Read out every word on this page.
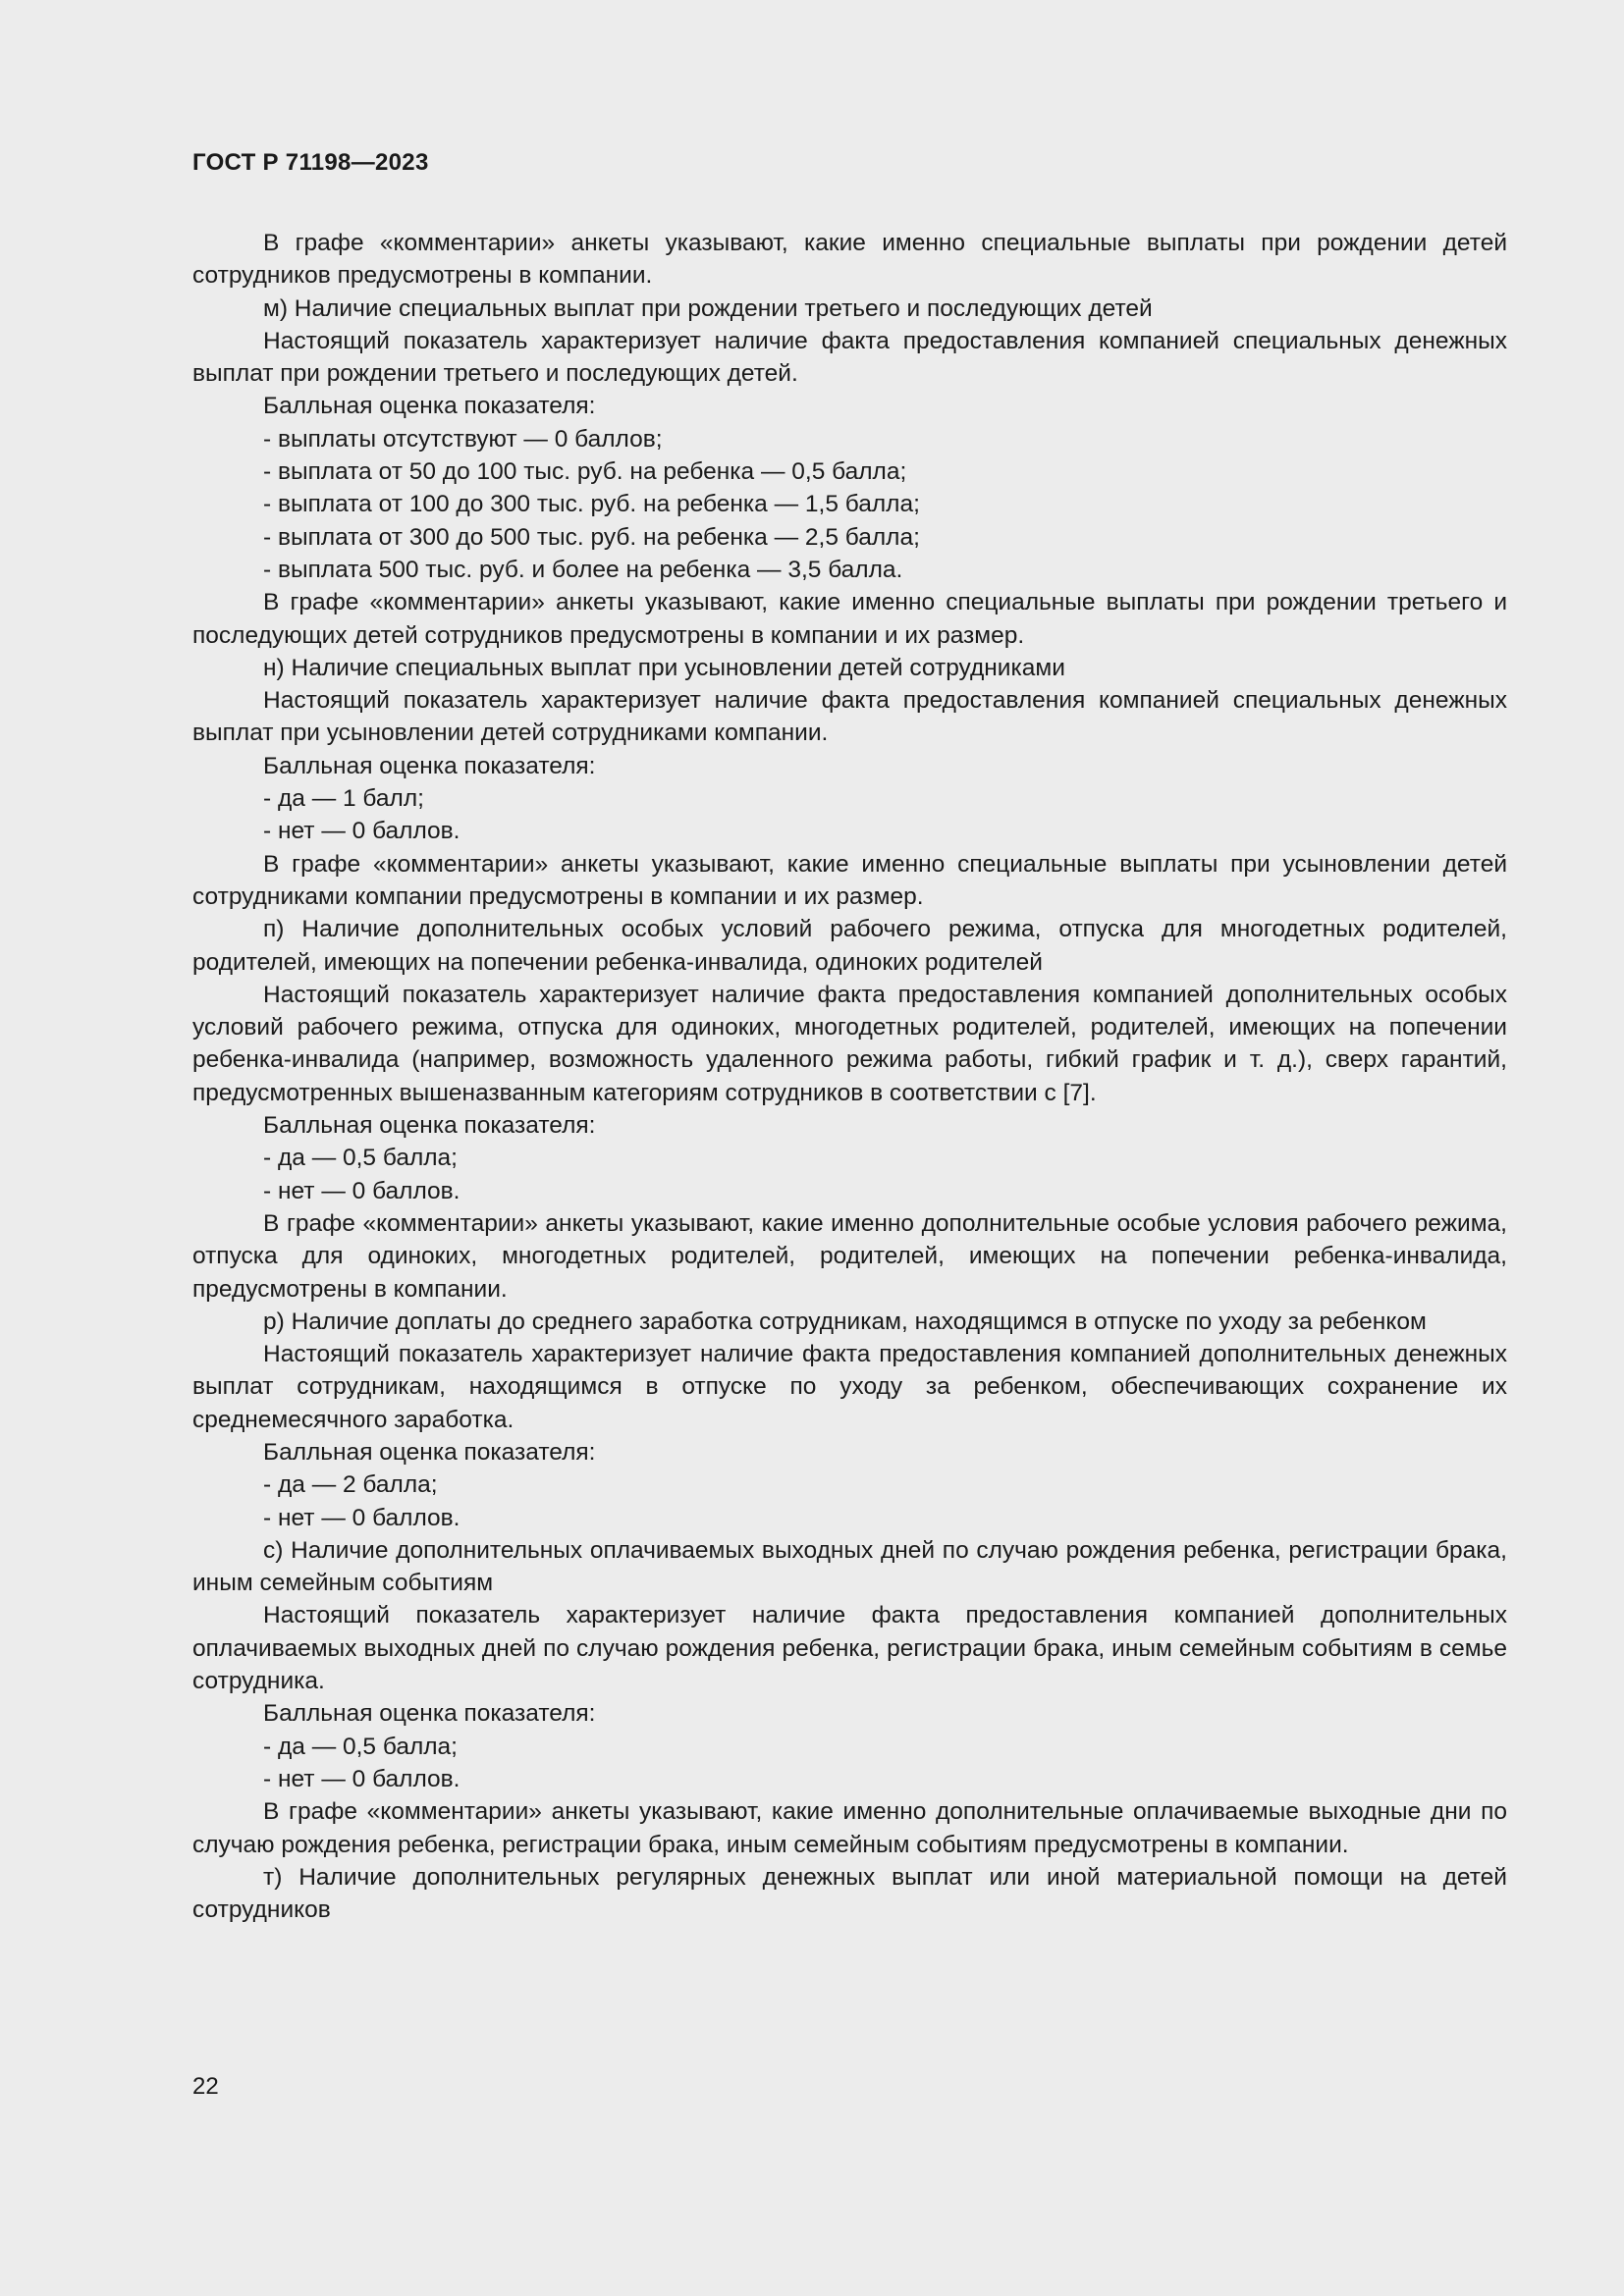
ГОСТ Р 71198—2023

В графе «комментарии» анкеты указывают, какие именно специальные выплаты при рождении детей сотрудников предусмотрены в компании.

м) Наличие специальных выплат при рождении третьего и последующих детей

Настоящий показатель характеризует наличие факта предоставления компанией специальных денежных выплат при рождении третьего и последующих детей.

Балльная оценка показателя:

- выплаты отсутствуют — 0 баллов;

- выплата от 50 до 100 тыс. руб. на ребенка — 0,5 балла;

- выплата от 100 до 300 тыс. руб. на ребенка — 1,5 балла;

- выплата от 300 до 500 тыс. руб. на ребенка — 2,5 балла;

- выплата 500 тыс. руб. и более на ребенка — 3,5 балла.

В графе «комментарии» анкеты указывают, какие именно специальные выплаты при рождении третьего и последующих детей сотрудников предусмотрены в компании и их размер.

н) Наличие специальных выплат при усыновлении детей сотрудниками

Настоящий показатель характеризует наличие факта предоставления компанией специальных денежных выплат при усыновлении детей сотрудниками компании.

Балльная оценка показателя:

- да — 1 балл;

- нет — 0 баллов.

В графе «комментарии» анкеты указывают, какие именно специальные выплаты при усыновлении детей сотрудниками компании предусмотрены в компании и их размер.

п) Наличие дополнительных особых условий рабочего режима, отпуска для многодетных родителей, родителей, имеющих на попечении ребенка-инвалида, одиноких родителей

Настоящий показатель характеризует наличие факта предоставления компанией дополнительных особых условий рабочего режима, отпуска для одиноких, многодетных родителей, родителей, имеющих на попечении ребенка-инвалида (например, возможность удаленного режима работы, гибкий график и т. д.), сверх гарантий, предусмотренных вышеназванным категориям сотрудников в соответствии с [7].

Балльная оценка показателя:

- да — 0,5 балла;

- нет — 0 баллов.

В графе «комментарии» анкеты указывают, какие именно дополнительные особые условия рабочего режима, отпуска для одиноких, многодетных родителей, родителей, имеющих на попечении ребенка-инвалида, предусмотрены в компании.

р) Наличие доплаты до среднего заработка сотрудникам, находящимся в отпуске по уходу за ребенком

Настоящий показатель характеризует наличие факта предоставления компанией дополнительных денежных выплат сотрудникам, находящимся в отпуске по уходу за ребенком, обеспечивающих сохранение их среднемесячного заработка.

Балльная оценка показателя:

- да — 2 балла;

- нет — 0 баллов.

с) Наличие дополнительных оплачиваемых выходных дней по случаю рождения ребенка, регистрации брака, иным семейным событиям

Настоящий показатель характеризует наличие факта предоставления компанией дополнительных оплачиваемых выходных дней по случаю рождения ребенка, регистрации брака, иным семейным событиям в семье сотрудника.

Балльная оценка показателя:

- да — 0,5 балла;

- нет — 0 баллов.

В графе «комментарии» анкеты указывают, какие именно дополнительные оплачиваемые выходные дни по случаю рождения ребенка, регистрации брака, иным семейным событиям предусмотрены в компании.

т) Наличие дополнительных регулярных денежных выплат или иной материальной помощи на детей сотрудников

22
